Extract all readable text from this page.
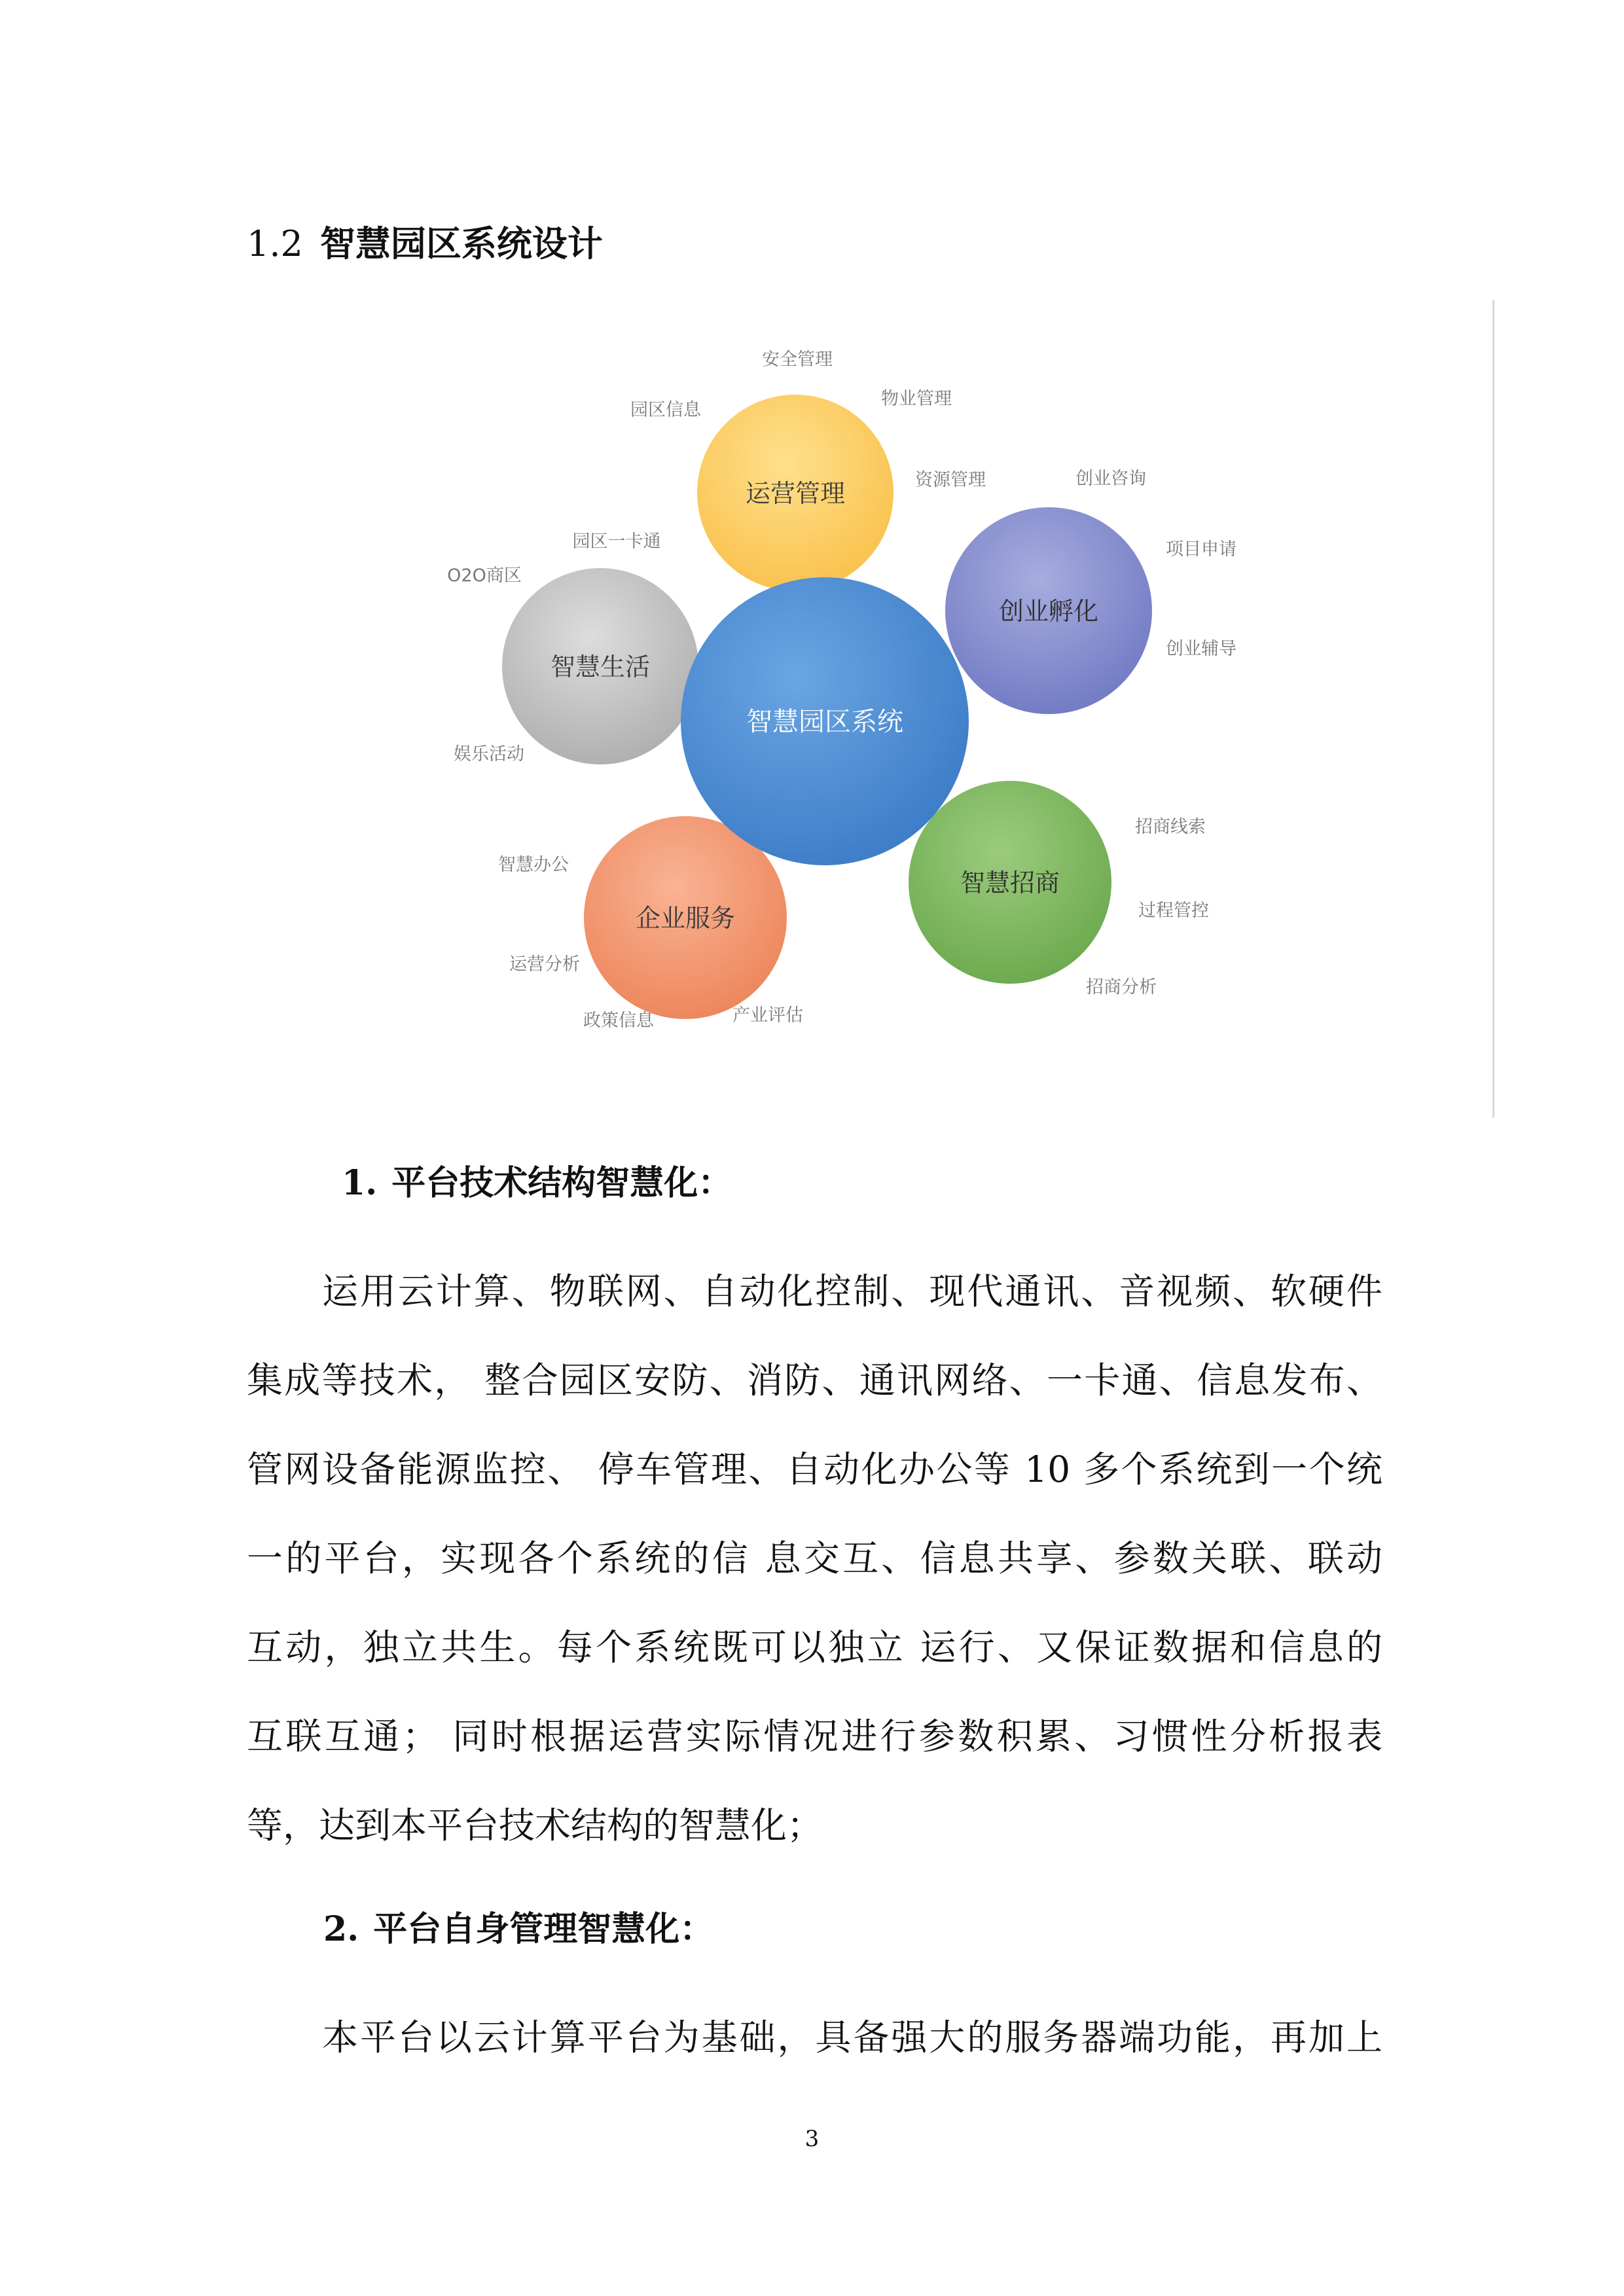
1.2 智慧园区系统设计
运营管理
创业孵化
智慧生活
智慧招商
企业服务
智慧园区系统
安全管理
园区信息
物业管理
资源管理	创业咨询
项目申请
创业辅导
园区一卡通
O2O商区
娱乐活动
智慧办公
运营分析
政策信息	产业评估
招商线索
过程管控
招商分析
1. 平台技术结构智慧化：
运用云计算、物联网、自动化控制、现代通讯、音视频、软硬件
集成等技术， 整合园区安防、消防、通讯网络、一卡通、信息发布、
管网设备能源监控、 停车管理、自动化办公等 10 多个系统到一个统
一的平台，实现各个系统的信 息交互、信息共享、参数关联、联动
互动，独立共生。每个系统既可以独立 运行、又保证数据和信息的
互联互通； 同时根据运营实际情况进行参数积累、习惯性分析报表
等，达到本平台技术结构的智慧化；
2. 平台自身管理智慧化：
本平台以云计算平台为基础，具备强大的服务器端功能，再加上
3
